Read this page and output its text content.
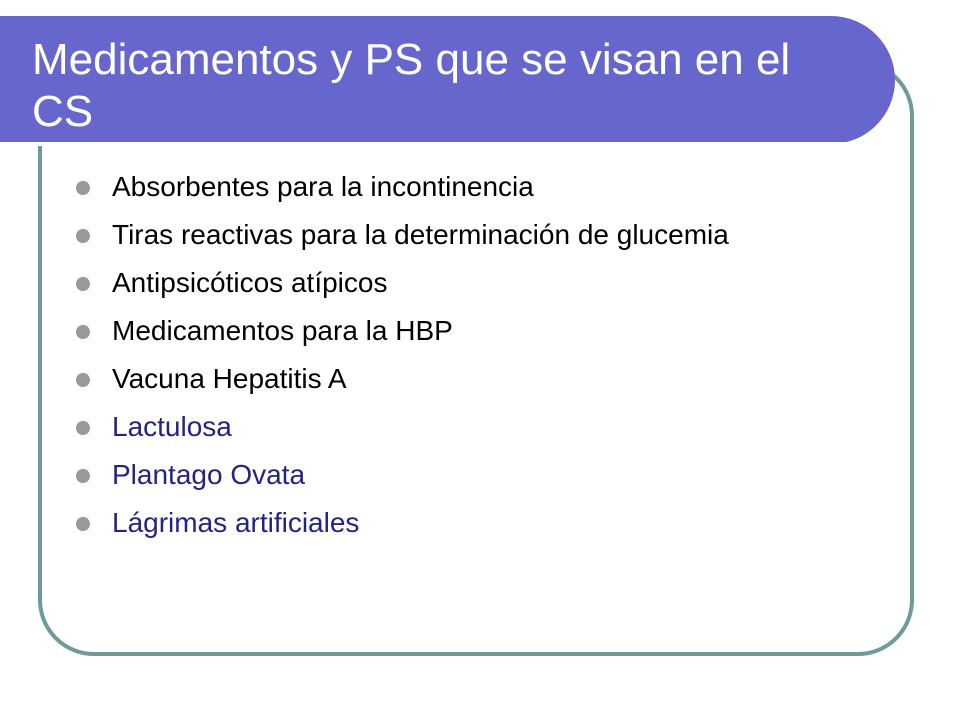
Medicamentos y PS que se visan en el CS
Absorbentes para la incontinencia
Tiras reactivas para la determinación de glucemia
Antipsicóticos atípicos
Medicamentos para la HBP
Vacuna Hepatitis A
Lactulosa
Plantago Ovata
Lágrimas artificiales
